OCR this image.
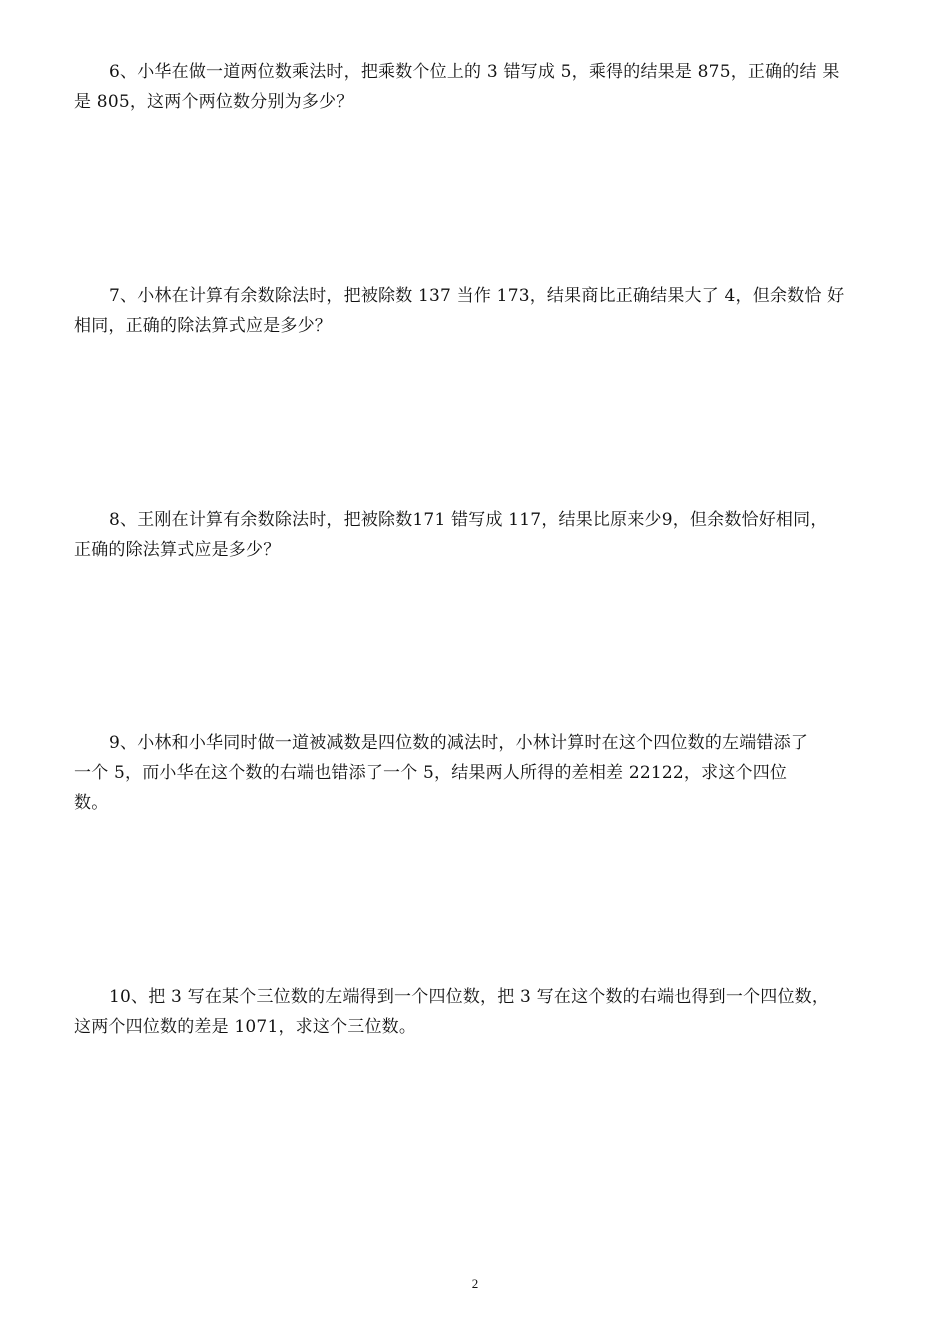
6、小华在做一道两位数乘法时，把乘数个位上的 3 错写成 5，乘得的结果是 875，正确的结 果
是 805，这两个两位数分别为多少？
7、小林在计算有余数除法时，把被除数 137 当作 173，结果商比正确结果大了 4，但余数恰 好
相同，正确的除法算式应是多少？
8、王刚在计算有余数除法时，把被除数171 错写成 117，结果比原来少9，但余数恰好相同，
正确的除法算式应是多少？
9、小林和小华同时做一道被减数是四位数的减法时，小林计算时在这个四位数的左端错添了
一个 5，而小华在这个数的右端也错添了一个 5，结果两人所得的差相差 22122，求这个四位
数。
10、把 3 写在某个三位数的左端得到一个四位数，把 3 写在这个数的右端也得到一个四位数，
这两个四位数的差是 1071，求这个三位数。
2
